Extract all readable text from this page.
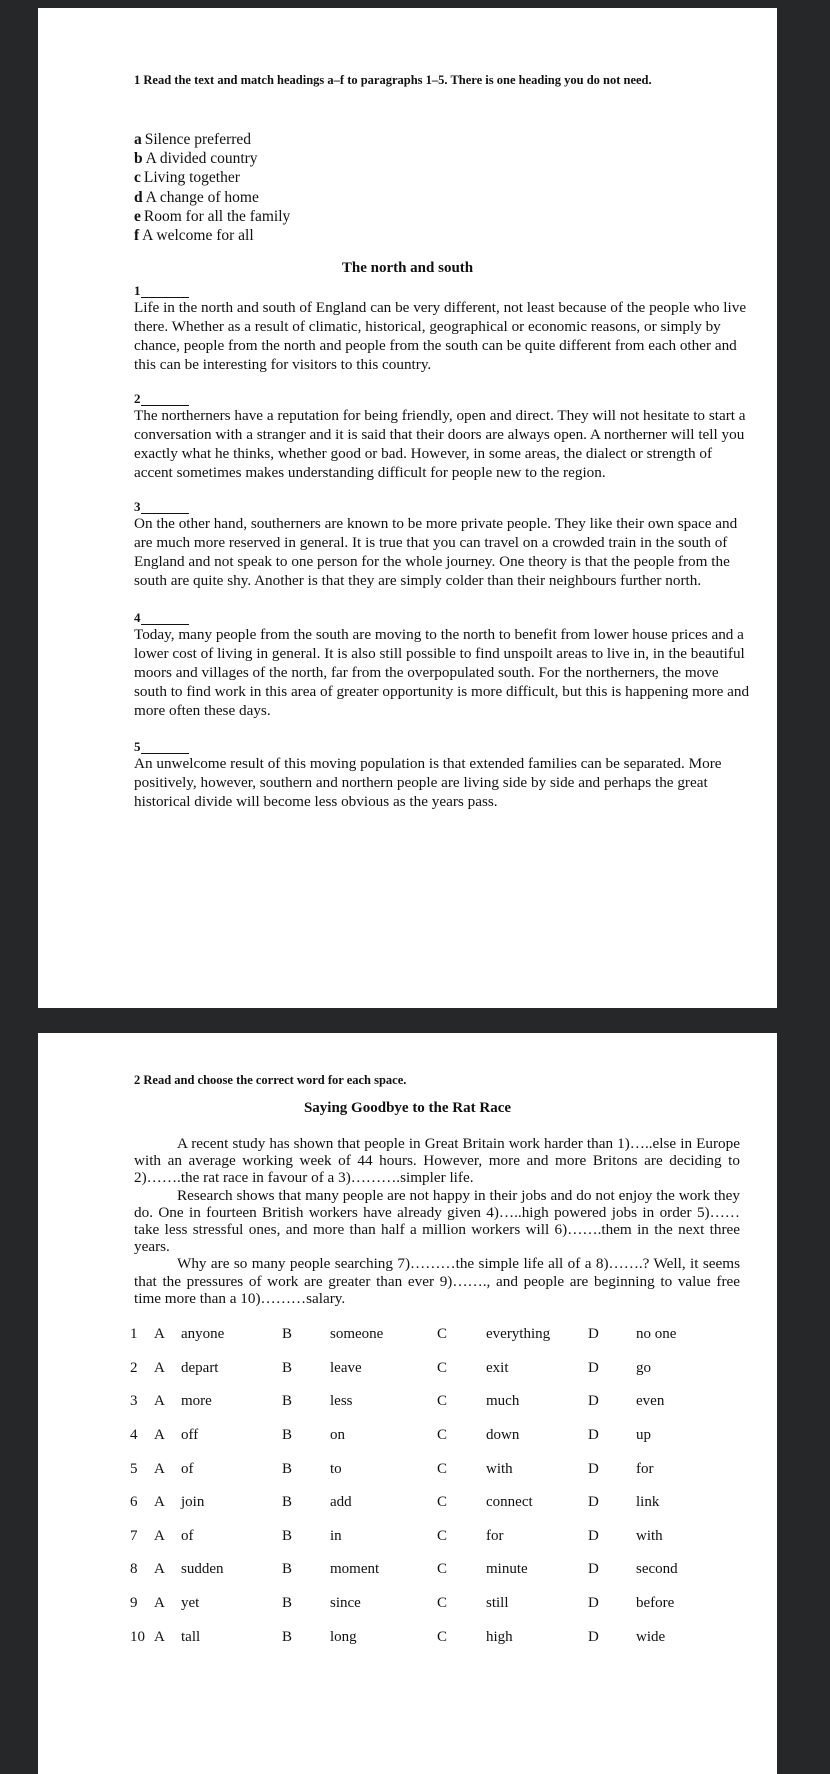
1 Read the text and match headings a–f to paragraphs 1–5. There is one heading you do not need.
a Silence preferred
b A divided country
c Living together
d A change of home
e Room for all the family
f A welcome for all
The north and south
1
Life in the north and south of England can be very different, not least because of the people who live there. Whether as a result of climatic, historical, geographical or economic reasons, or simply by chance, people from the north and people from the south can be quite different from each other and this can be interesting for visitors to this country.
2
The northerners have a reputation for being friendly, open and direct. They will not hesitate to start a conversation with a stranger and it is said that their doors are always open. A northerner will tell you exactly what he thinks, whether good or bad. However, in some areas, the dialect or strength of accent sometimes makes understanding difficult for people new to the region.
3
On the other hand, southerners are known to be more private people. They like their own space and are much more reserved in general. It is true that you can travel on a crowded train in the south of England and not speak to one person for the whole journey. One theory is that the people from the south are quite shy. Another is that they are simply colder than their neighbours further north.
4
Today, many people from the south are moving to the north to benefit from lower house prices and a lower cost of living in general. It is also still possible to find unspoilt areas to live in, in the beautiful moors and villages of the north, far from the overpopulated south. For the northerners, the move south to find work in this area of greater opportunity is more difficult, but this is happening more and more often these days.
5
An unwelcome result of this moving population is that extended families can be separated. More positively, however, southern and northern people are living side by side and perhaps the great historical divide will become less obvious as the years pass.
2 Read and choose the correct word for each space.
Saying Goodbye to the Rat Race

A recent study has shown that people in Great Britain work harder than 1)…..else in Europe with an average working week of 44 hours. However, more and more Britons are deciding to 2)…….the rat race in favour of a 3)……….simpler life.

Research shows that many people are not happy in their jobs and do not enjoy the work they do. One in fourteen British workers have already given 4)…..high powered jobs in order 5)……take less stressful ones, and more than half a million workers will 6)…….them in the next three years.

Why are so many people searching 7)………the simple life all of a 8)…….? Well, it seems that the pressures of work are greater than ever 9)……., and people are beginning to value free time more than a 10)………salary.

1	A	anyone	B	someone	C	everything	D	no one
2	A	depart	B	leave	C	exit	D	go
3	A	more	B	less	C	much	D	even
4	A	off	B	on	C	down	D	up
5	A	of	B	to	C	with	D	for
6	A	join	B	add	C	connect	D	link
7	A	of	B	in	C	for	D	with
8	A	sudden	B	moment	C	minute	D	second
9	A	yet	B	since	C	still	D	before
10	A	tall	B	long	C	high	D	wide
